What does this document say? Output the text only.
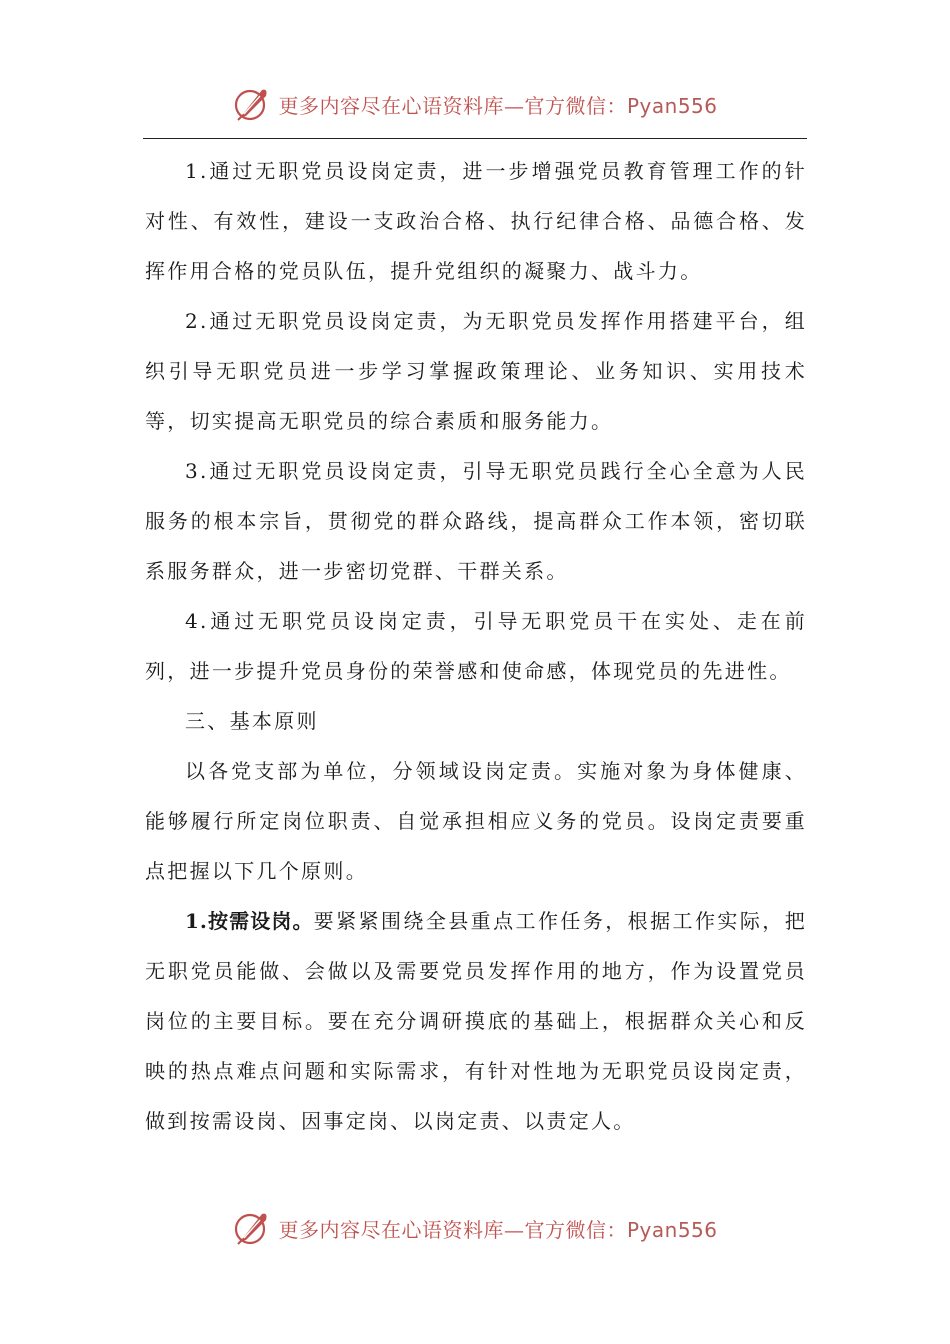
更多内容尽在心语资料库—官方微信：Pyan556

1.通过无职党员设岗定责，进一步增强党员教育管理工作的针对性、有效性，建设一支政治合格、执行纪律合格、品德合格、发挥作用合格的党员队伍，提升党组织的凝聚力、战斗力。

2.通过无职党员设岗定责，为无职党员发挥作用搭建平台，组织引导无职党员进一步学习掌握政策理论、业务知识、实用技术等，切实提高无职党员的综合素质和服务能力。

3.通过无职党员设岗定责，引导无职党员践行全心全意为人民服务的根本宗旨，贯彻党的群众路线，提高群众工作本领，密切联系服务群众，进一步密切党群、干群关系。

4.通过无职党员设岗定责，引导无职党员干在实处、走在前列，进一步提升党员身份的荣誉感和使命感，体现党员的先进性。

三、基本原则

以各党支部为单位，分领域设岗定责。实施对象为身体健康、能够履行所定岗位职责、自觉承担相应义务的党员。设岗定责要重点把握以下几个原则。

1.按需设岗。要紧紧围绕全县重点工作任务，根据工作实际，把无职党员能做、会做以及需要党员发挥作用的地方，作为设置党员岗位的主要目标。要在充分调研摸底的基础上，根据群众关心和反映的热点难点问题和实际需求，有针对性地为无职党员设岗定责，做到按需设岗、因事定岗、以岗定责、以责定人。

更多内容尽在心语资料库—官方微信：Pyan556
